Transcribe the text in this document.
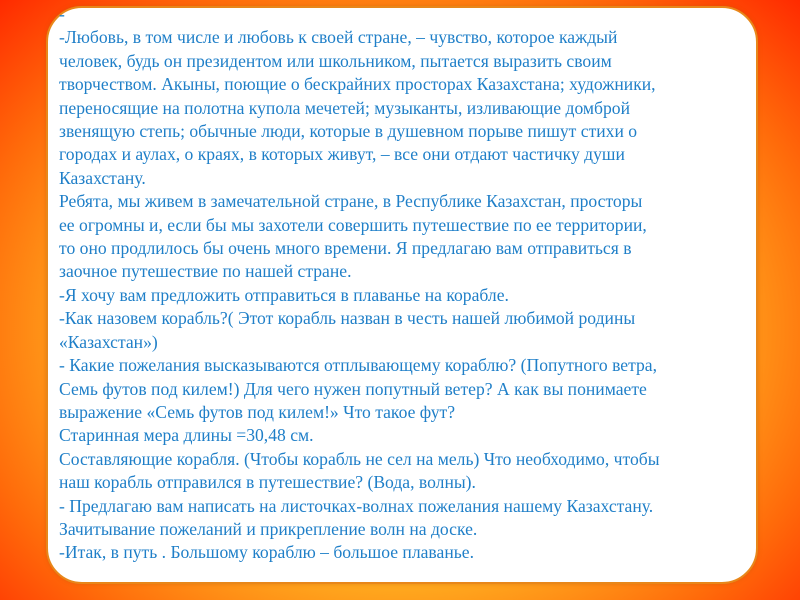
-
-Любовь, в том числе и любовь к своей стране, – чувство, которое каждый
человек, будь он президентом или школьником, пытается выразить своим
творчеством. Акыны, поющие о бескрайних просторах Казахстана; художники,
переносящие на полотна купола мечетей; музыканты, изливающие домброй
звенящую степь; обычные люди, которые в душевном порыве пишут стихи о
городах и аулах, о краях, в которых живут, – все они отдают частичку души
Казахстану.
Ребята, мы живем в замечательной стране, в Республике Казахстан, просторы
ее огромны и, если бы мы захотели совершить путешествие по ее территории,
то оно продлилось бы очень много времени. Я предлагаю вам отправиться в
заочное путешествие по нашей стране.
-Я хочу вам предложить отправиться в плаванье на корабле.
-Как назовем корабль?( Этот корабль назван в честь нашей любимой родины
«Казахстан»)
- Какие пожелания высказываются отплывающему кораблю? (Попутного ветра,
Семь футов под килем!) Для чего нужен попутный ветер? А как вы понимаете
выражение «Семь футов под килем!» Что такое фут?
Старинная мера длины =30,48 см.
Составляющие корабля. (Чтобы корабль не сел на мель) Что необходимо, чтобы
наш корабль отправился в путешествие? (Вода, волны).
- Предлагаю вам написать на листочках-волнах пожелания нашему Казахстану.
Зачитывание пожеланий и прикрепление волн на доске.
-Итак, в путь . Большому кораблю – большое плаванье.
